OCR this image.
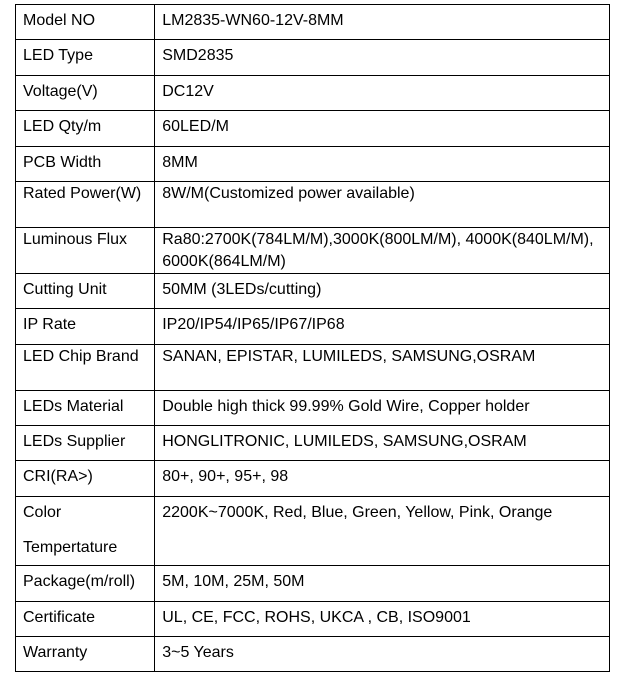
Model NO	LM2835-WN60-12V-8MM

LED Type	SMD2835

Voltage(V)	DC12V

LED Qty/m	60LED/M

PCB Width	8MM

Rated Power(W)	8W/M(Customized power available)

Luminous Flux	Ra80:2700K(784LM/M),3000K(800LM/M), 4000K(840LM/M), 6000K(864LM/M)

Cutting Unit	50MM (3LEDs/cutting)

IP Rate	IP20/IP54/IP65/IP67/IP68

LED Chip Brand	SANAN, EPISTAR, LUMILEDS, SAMSUNG,OSRAM

LEDs Material	Double high thick 99.99% Gold Wire, Copper holder

LEDs Supplier	HONGLITRONIC, LUMILEDS, SAMSUNG,OSRAM

CRI(RA>)	80+, 90+, 95+, 98

Color Tempertature	2200K~7000K, Red, Blue, Green, Yellow, Pink, Orange

Package(m/roll)	5M, 10M, 25M, 50M

Certificate	UL, CE, FCC, ROHS, UKCA , CB, ISO9001

Warranty	3~5 Years
